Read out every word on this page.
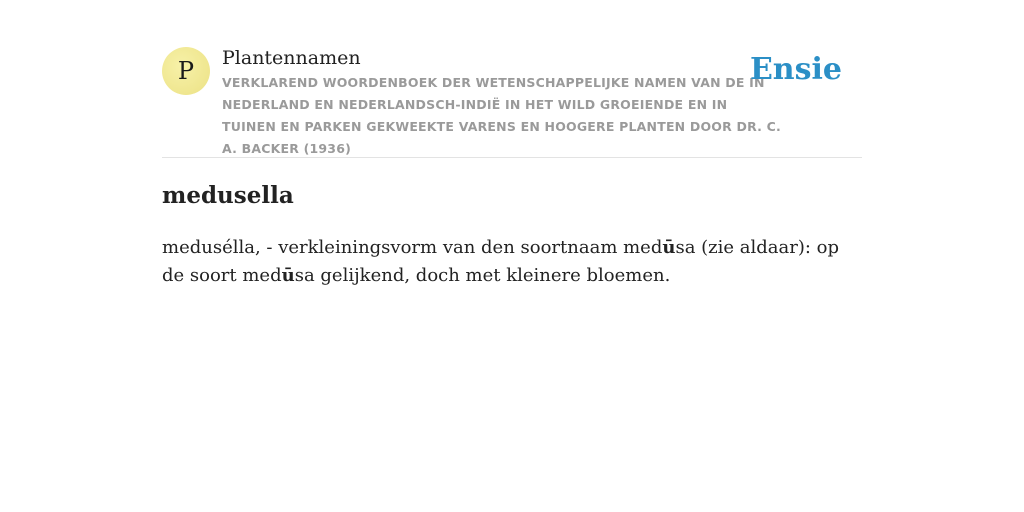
P	Plantennamen

VERKLAREND WOORDENBOEK DER WETENSCHAPPELIJKE NAMEN VAN DE IN NEDERLAND EN NEDERLANDSCH-INDIË IN HET WILD GROEIENDE EN IN TUINEN EN PARKEN GEKWEEKTE VARENS EN HOOGERE PLANTEN DOOR DR. C. A. BACKER (1936)

Ensie
medusella

medusélla, - verkleiningsvorm van den soortnaam medūsa (zie aldaar): op de soort medūsa gelijkend, doch met kleinere bloemen.
